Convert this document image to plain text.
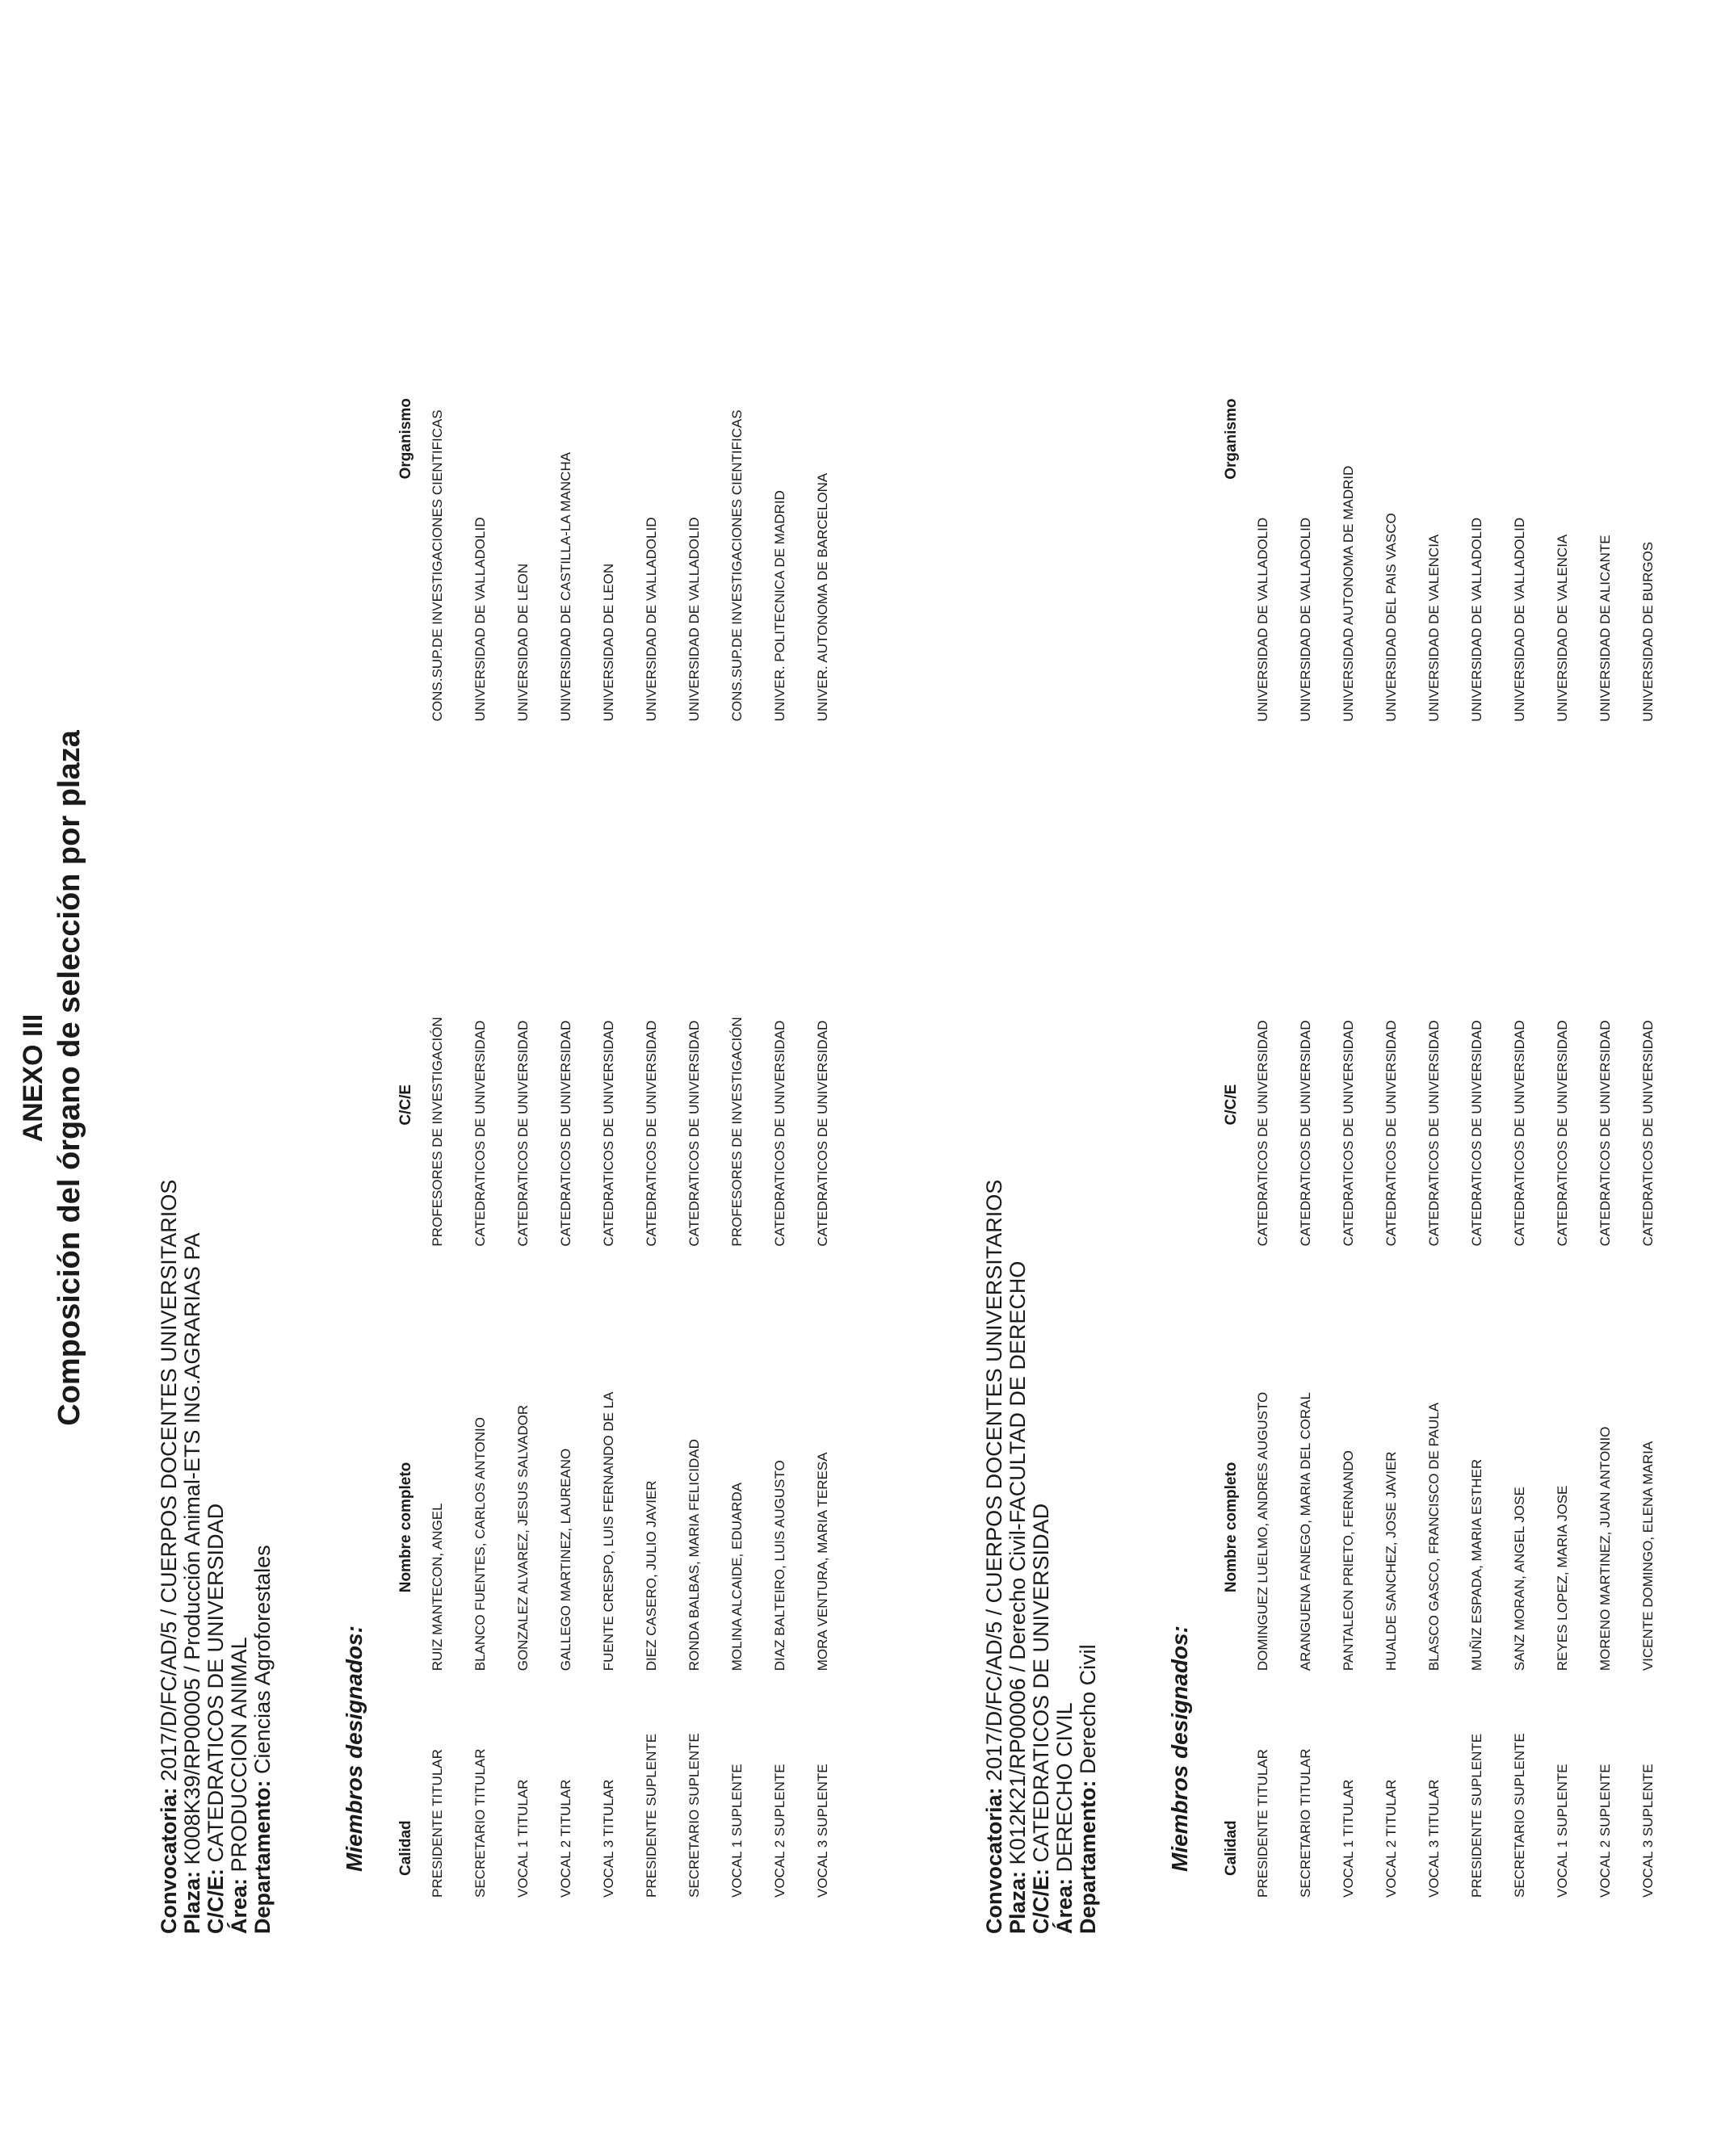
ANEXO III Composición del órgano de selección por plaza
Convocatoria: 2017/D/FC/AD/5 / CUERPOS DOCENTES UNIVERSITARIOS
Plaza: K008K39/RP00005 / Producción Animal-ETS ING.AGRARIAS PA
C/C/E: CATEDRATICOS DE UNIVERSIDAD
Área: PRODUCCION ANIMAL Departamento: Ciencias Agroforestales	Miembros designados: Calidad	Nombre completo	C/C/E	Organismo
PRESIDENTE TITULAR	RUIZ MANTECON, ANGEL	PROFESORES DE INVESTIGACIÓN	CONS.SUP.DE INVESTIGACIONES CIENTIFICAS
SECRETARIO TITULAR	BLANCO FUENTES, CARLOS ANTONIO	CATEDRATICOS DE UNIVERSIDAD	UNIVERSIDAD DE VALLADOLID
VOCAL 1 TITULAR	GONZALEZ ALVAREZ, JESUS SALVADOR	CATEDRATICOS DE UNIVERSIDAD	UNIVERSIDAD DE LEON
VOCAL 2 TITULAR	GALLEGO MARTINEZ, LAUREANO	CATEDRATICOS DE UNIVERSIDAD	UNIVERSIDAD DE CASTILLA-LA MANCHA
VOCAL 3 TITULAR	FUENTE CRESPO, LUIS FERNANDO DE LA	CATEDRATICOS DE UNIVERSIDAD	UNIVERSIDAD DE LEON
PRESIDENTE SUPLENTE	DIEZ CASERO, JULIO JAVIER	CATEDRATICOS DE UNIVERSIDAD	UNIVERSIDAD DE VALLADOLID
SECRETARIO SUPLENTE	RONDA BALBAS, MARIA FELICIDAD	CATEDRATICOS DE UNIVERSIDAD	UNIVERSIDAD DE VALLADOLID
VOCAL 1 SUPLENTE	MOLINA ALCAIDE, EDUARDA	PROFESORES DE INVESTIGACIÓN	CONS.SUP.DE INVESTIGACIONES CIENTIFICAS
VOCAL 2 SUPLENTE	DIAZ BALTEIRO, LUIS AUGUSTO	CATEDRATICOS DE UNIVERSIDAD	UNIVER. POLITECNICA DE MADRID
VOCAL 3 SUPLENTE	MORA VENTURA, MARIA TERESA	CATEDRATICOS DE UNIVERSIDAD	UNIVER. AUTONOMA DE BARCELONA
Convocatoria: 2017/D/FC/AD/5 / CUERPOS DOCENTES UNIVERSITARIOS
Plaza: K012K21/RP00006 / Derecho Civil-FACULTAD DE DERECHO
C/C/E: CATEDRATICOS DE UNIVERSIDAD
Área: DERECHO CIVIL Departamento: Derecho Civil	Miembros designados: Calidad	Nombre completo	C/C/E	Organismo
PRESIDENTE TITULAR	DOMINGUEZ LUELMO, ANDRES AUGUSTO	CATEDRATICOS DE UNIVERSIDAD	UNIVERSIDAD DE VALLADOLID
SECRETARIO TITULAR	ARANGUENA FANEGO, MARIA DEL CORAL	CATEDRATICOS DE UNIVERSIDAD	UNIVERSIDAD DE VALLADOLID
VOCAL 1 TITULAR	PANTALEON PRIETO, FERNANDO	CATEDRATICOS DE UNIVERSIDAD	UNIVERSIDAD AUTONOMA DE MADRID
VOCAL 2 TITULAR	HUALDE SANCHEZ, JOSE JAVIER	CATEDRATICOS DE UNIVERSIDAD	UNIVERSIDAD DEL PAIS VASCO
VOCAL 3 TITULAR	BLASCO GASCO, FRANCISCO DE PAULA	CATEDRATICOS DE UNIVERSIDAD	UNIVERSIDAD DE VALENCIA
PRESIDENTE SUPLENTE	MUÑIZ ESPADA, MARIA ESTHER	CATEDRATICOS DE UNIVERSIDAD	UNIVERSIDAD DE VALLADOLID
SECRETARIO SUPLENTE	SANZ MORAN, ANGEL JOSE	CATEDRATICOS DE UNIVERSIDAD	UNIVERSIDAD DE VALLADOLID
VOCAL 1 SUPLENTE	REYES LOPEZ, MARIA JOSE	CATEDRATICOS DE UNIVERSIDAD	UNIVERSIDAD DE VALENCIA
VOCAL 2 SUPLENTE	MORENO MARTINEZ, JUAN ANTONIO	CATEDRATICOS DE UNIVERSIDAD	UNIVERSIDAD DE ALICANTE
VOCAL 3 SUPLENTE	VICENTE DOMINGO, ELENA MARIA	CATEDRATICOS DE UNIVERSIDAD	UNIVERSIDAD DE BURGOS
